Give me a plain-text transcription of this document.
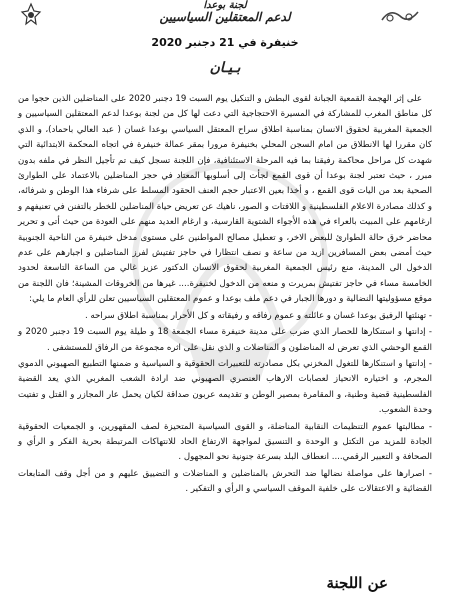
لجنة بوعدا
لدعم المعتقلين السياسيين
خنيفرة في 21 دجنبر 2020
بـيـان

على إثر الهجمة القمعية الجبانة لقوى البطش و التنكيل يوم السبت 19 دجنبر 2020 على المناضلين الذين حجوا من كل مناطق المغرب للمشاركة في المسيرة الاحتجاجية التي دعت لها كل من لجنة بوعدا لدعم المعتقلين السياسيين و الجمعية المغربية لحقوق الانسان بمناسبة اطلاق سراح المعتقل السياسي بوعدا غسان ( عبد العالي باحماد)، و الذي كان مقررا لها الانطلاق من امام السجن المحلي بخنيفرة مرورا بمقر عمالة خنيفرة في اتجاه المحكمة الابتدائية التي شهدت كل مراحل محاكمة رفيقنا بما فيه المرحلة الاستئنافية، فإن اللجنة تسجل كيف تم تأجيل النظر في ملفه بدون مبرر ، حيث تعتبر لجنة بوعدا أن قوى القمع لجأت إلى أسلوبها المعتاد في حجز المناضلين بالاعتماد على الطوارئ الصحية بعد من اليات قوى القمع ، و أخذا بعين الاعتبار حجم العنف الحقود المسلط على شرفاء هذا الوطن و شرفائه، و كذلك مصادرة الاعلام الفلسطينية و اللافتات و الصور، ناهيك عن تعريض حياة المناضلين للخطر بالتفنن في تعنيفهم و ارغامهم على المبيت بالعراء في هذه الأجواء الشتوية القارسية، و ارغام العديد منهم على العودة من حيث أتى و تحرير محاضر خرق حالة الطوارئ للبعض الاخر، و تعطيل مصالح المواطنين على مستوى مدخل خنيفرة من الناحية الجنوبية حيث أمضى بعض المسافرين ازيد من ساعة و نصف انتظارا في حاجز تفتيش لفرز المناضلين و اجبارهم على عدم الدخول الى المدينة، منع رئيس الجمعية المغربية لحقوق الانسان الدكتور عزيز غالي من الساعة التاسعة لحدود الخامسة مساء في حاجز تفتيش بمريرت و منعه من الدخول لخنيفرة.... غيرها من الخروقات المشينة؛ فان اللجنة من موقع مسؤوليتها النضالية و دورها الجبار في دعم ملف بوعدا و عموم المعتقلين السياسيين تعلن للرأي العام ما يلي:

- تهنئتها الرفيق بوعدا غسان و عائلته و عموم رفاقه و رفيقاته و كل الأحرار بمناسبة اطلاق سراحه .

- إدانتها و استنكارها للحصار الذي ضرب على مدينة خنيفرة مساء الجمعة 18 و طيلة يوم السبت 19 دجنبر 2020 و القمع الوحشي الذي تعرض له المناضلون و المناضلات و الذي نقل على اثره مجموعة من الرفاق للمستشفى .

- إدانتها و استنكارها للتغول المخزني بكل مصادرته للتعبيرات الحقوقية و السياسية و ضمنها التطبيع الصهيوني الدموي المجرم، و اختياره الانحياز لعصابات الارهاب العنصري الصهيوني ضد ارادة الشعب المغربي الذي يعد القضية الفلسطينية قضية وطنية، و المقامرة بمصير الوطن و تقديمه عربون صداقة لكيان يحمل عار المجازر و القتل و تفتيت وحدة الشعوب.

- مطالبتها عموم التنظيمات النقابية المناضلة، و القوى السياسية المتحيزة لصف المقهورين، و الجمعيات الحقوقية الجادة للمزيد من التكتل و الوحدة و التنسيق لمواجهة الارتفاع الحاد للانتهاكات المرتبطة بحرية الفكر و الرأي و الصحافة و التعبير الرقمي.... انعطاف البلد بسرعة جنونية نحو المجهول .

- اصرارها على مواصلة نضالها ضد التحرش بالمناضلين و المناضلات و التضييق عليهم و من أجل وقف المتابعات القضائية و الاعتقالات على خلفية الموقف السياسي و الرأي و التفكير .

عن اللجنة
